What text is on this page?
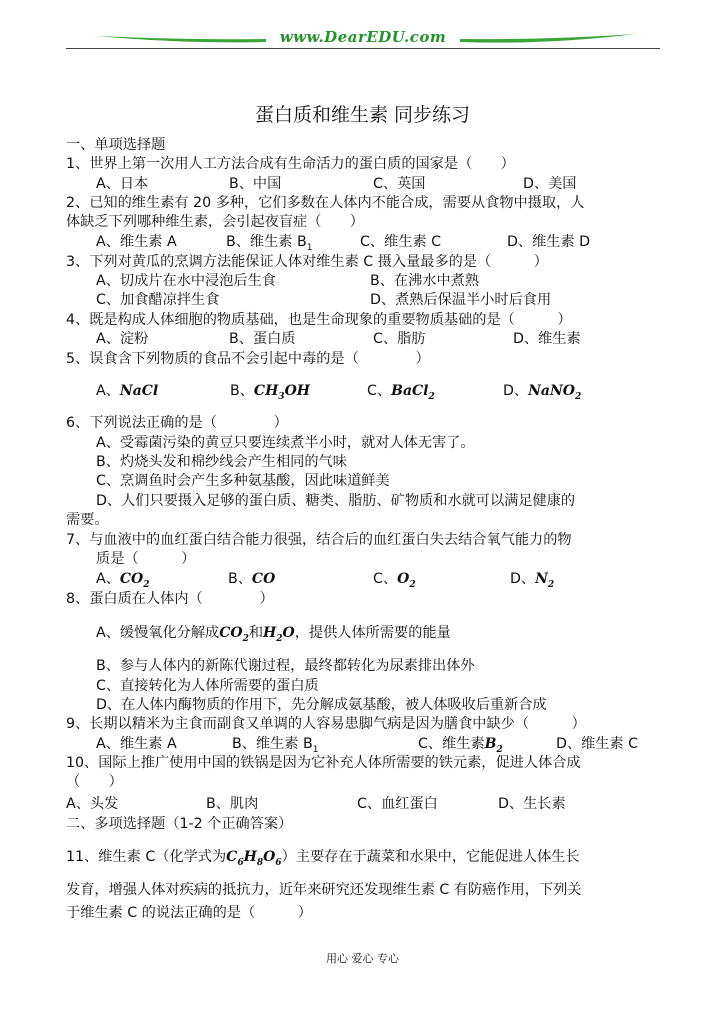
www.DearEDU.com
蛋白质和维生素 同步练习
一、单项选择题
1、世界上第一次用人工方法合成有生命活力的蛋白质的国家是（　　）
A、日本	B、中国	C、英国	D、美国
2、已知的维生素有 20 多种，它们多数在人体内不能合成，需要从食物中摄取，人
体缺乏下列哪种维生素，会引起夜盲症（　　）
A、维生素 A	B、维生素 $B_1$	C、维生素 C	D、维生素 D
3、下列对黄瓜的烹调方法能保证人体对维生素 C 摄入量最多的是（　　　）
A、切成片在水中浸泡后生食	B、在沸水中煮熟
C、加食醋凉拌生食	D、煮熟后保温半小时后食用
4、既是构成人体细胞的物质基础，也是生命现象的重要物质基础的是（　　　）
A、淀粉	B、蛋白质	C、脂肪	D、维生素
5、误食含下列物质的食品不会引起中毒的是（　　　　）
A、NaCl	B、$CH_3OH$	C、BaCl$_2$	D、NaNO$_2$
6、下列说法正确的是（　　　　）
A、受霉菌污染的黄豆只要连续煮半小时，就对人体无害了。
B、灼烧头发和棉纱线会产生相同的气味
C、烹调鱼时会产生多种氨基酸，因此味道鲜美
D、人们只要摄入足够的蛋白质、糖类、脂肪、矿物质和水就可以满足健康的
需要。
7、与血液中的血红蛋白结合能力很强，结合后的血红蛋白失去结合氧气能力的物
质是（　　　）
A、$CO_2$	B、CO	C、$O_2$	D、$N_2$
8、蛋白质在人体内（　　　　）
A、缓慢氧化分解成$CO_2$和$H_2O$，提供人体所需要的能量
B、参与人体内的新陈代谢过程，最终都转化为尿素排出体外
C、直接转化为人体所需要的蛋白质
D、在人体内酶物质的作用下，先分解成氨基酸，被人体吸收后重新合成
9、长期以精米为主食而副食又单调的人容易患脚气病是因为膳食中缺少（　　　）
A、维生素 A	B、维生素 $B_1$	C、维生素$B_2$	D、维生素 C
10、国际上推广使用中国的铁锅是因为它补充人体所需要的铁元素，促进人体合成
（　　）
A、头发	B、肌肉	C、血红蛋白	D、生长素
二、多项选择题（1-2 个正确答案）
11、维生素 C（化学式为$C_6H_8O_6$）主要存在于蔬菜和水果中，它能促进人体生长
发育，增强人体对疾病的抵抗力，近年来研究还发现维生素 C 有防癌作用，下列关
于维生素 C 的说法正确的是（　　　）
用心 爱心 专心
